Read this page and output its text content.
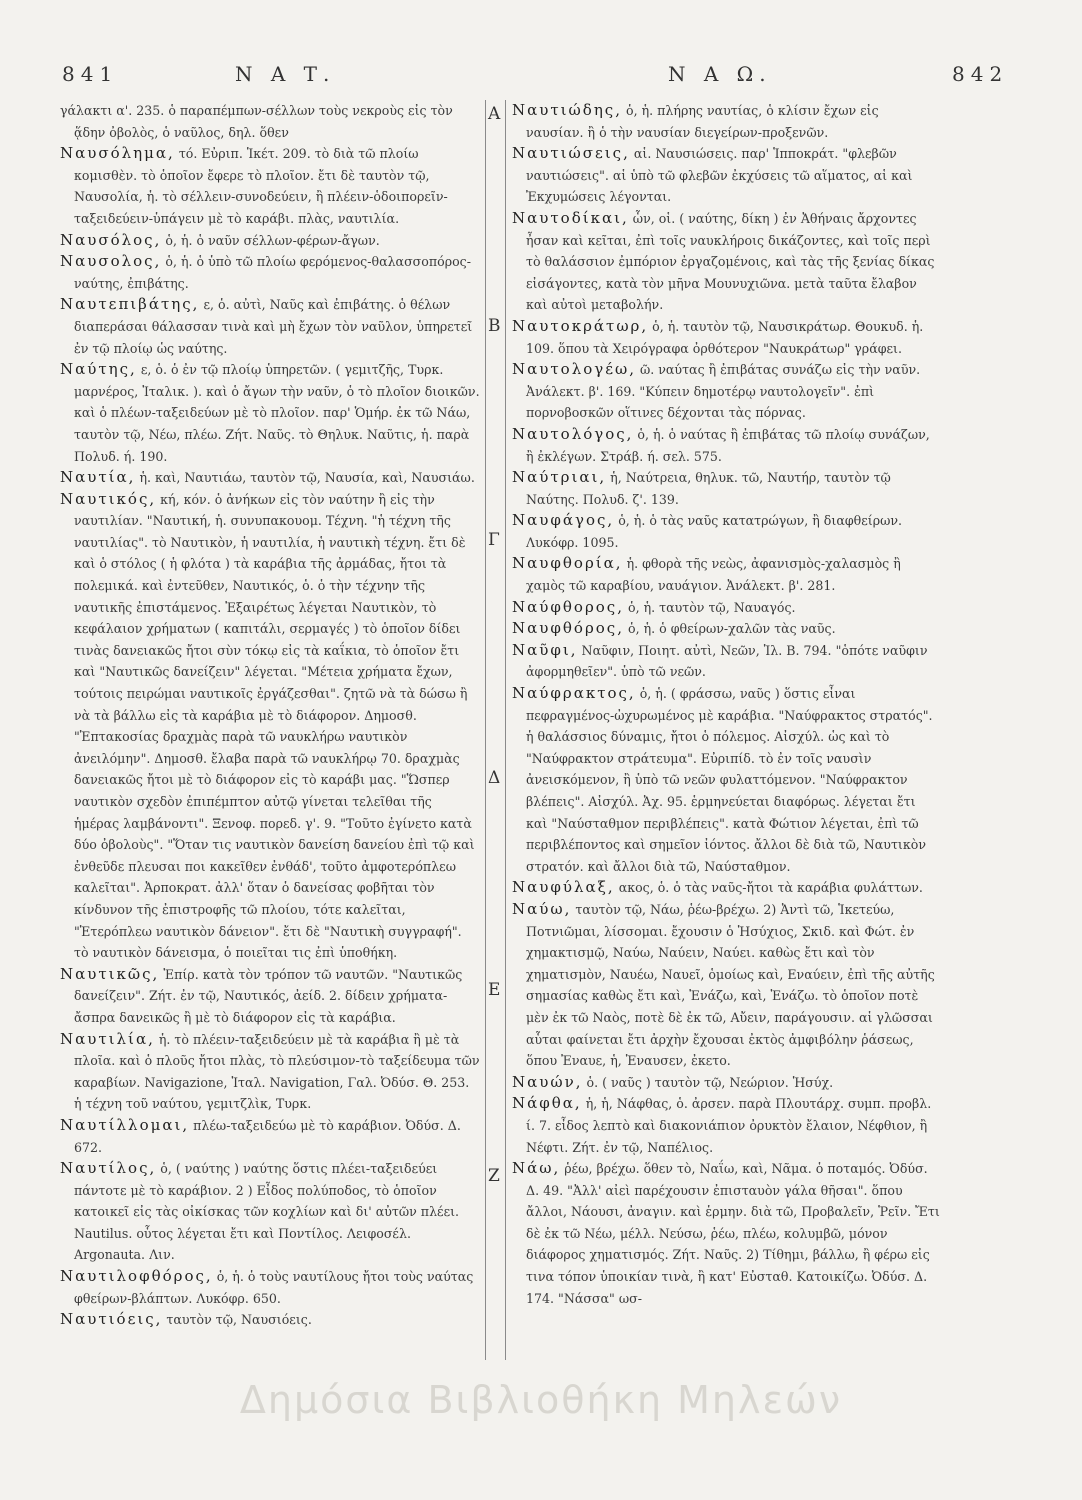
841	Ν Α Τ.	Ν Α Ω.	842
Α
Β
Γ
Δ
Ε
Ζ

γάλακτι α'. 235. ὁ παραπέμπων-σέλλων τοὺς νεκροὺς εἰς τὸν ᾅδην ὀβολὸς, ὁ ναῦλος, δηλ. ὅθεν

Ναυσόλημα, τό. Εὐριπ. Ἱκέτ. 209. τὸ διὰ τῶ πλοίω κομισθὲν. τὸ ὁποῖον ἔφερε τὸ πλοῖον. ἔτι δὲ ταυτὸν τῷ, Ναυσολία, ἡ. τὸ σέλλειν-συνοδεύειν, ἢ πλέειν-ὁδοιπορεῖν-ταξειδεύειν-ὑπάγειν μὲ τὸ καράβι. πλὰς, ναυτιλία.

Ναυσόλος, ὁ, ἡ. ὁ ναῦν σέλλων-φέρων-ἄγων.

Ναυσολος, ὁ, ἡ. ὁ ὑπὸ τῶ πλοίω φερόμενος-θαλασσοπόρος-ναύτης, ἐπιβάτης.

Ναυτεπιβάτης, ε, ὁ. αὐτὶ, Ναῦς καὶ ἐπιβάτης. ὁ θέλων διαπεράσαι θάλασσαν τινὰ καὶ μὴ ἔχων τὸν ναῦλον, ὑπηρετεῖ ἐν τῷ πλοίῳ ὡς ναύτης.

Ναύτης, ε, ὁ. ὁ ἐν τῷ πλοίῳ ὑπηρετῶν. ( γεμιτζῆς, Τυρκ. μαρνέρος, Ἰταλικ. ). καὶ ὁ ἄγων τὴν ναῦν, ὁ τὸ πλοῖον διοικῶν. καὶ ὁ πλέων-ταξειδεύων μὲ τὸ πλοῖον. παρ' Ὁμήρ. ἐκ τῶ Νάω, ταυτὸν τῷ, Νέω, πλέω. Ζήτ. Ναῦς. τὸ Θηλυκ. Ναῦτις, ἡ. παρὰ Πολυδ. ή. 190.

Ναυτία, ἡ. καὶ, Ναυτιάω, ταυτὸν τῷ, Ναυσία, καὶ, Ναυσιάω.

Ναυτικός, κή, κόν. ὁ ἀνήκων εἰς τὸν ναύτην ἢ εἰς τὴν ναυτιλίαν. "Ναυτική, ἡ. συνυπακουομ. Τέχνη. "ἡ τέχνη τῆς ναυτιλίας". τὸ Ναυτικὸν, ἡ ναυτιλία, ἡ ναυτικὴ τέχνη. ἔτι δὲ καὶ ὁ στόλος ( ἡ φλότα ) τὰ καράβια τῆς ἀρμάδας, ἤτοι τὰ πολεμικά. καὶ ἐντεῦθεν, Ναυτικός, ὁ. ὁ τὴν τέχνην τῆς ναυτικῆς ἐπιστάμενος. Ἐξαιρέτως λέγεται Ναυτικὸν, τὸ κεφάλαιον χρήματων ( καπιτάλι, σερμαγές ) τὸ ὁποῖον δίδει τινὰς δανειακῶς ἤτοι σὺν τόκῳ εἰς τὰ καΐκια, τὸ ὁποῖον ἔτι καὶ "Ναυτικῶς δανείζειν" λέγεται. "Μέτεια χρήματα ἔχων, τούτοις πειρώμαι ναυτικοῖς ἐργάζεσθαι". ζητῶ νὰ τὰ δώσω ἢ νὰ τὰ βάλλω εἰς τὰ καράβια μὲ τὸ διάφορον. Δημοσθ. "Ἐπτακοσίας δραχμὰς παρὰ τῶ ναυκλήρω ναυτικὸν ἀνειλόμην". Δημοσθ. ἔλαβα παρὰ τῶ ναυκλήρῳ 70. δραχμὰς δανειακῶς ἤτοι μὲ τὸ διάφορον εἰς τὸ καράβι μας. "Ὥσπερ ναυτικὸν σχεδὸν ἐπιπέμπτον αὐτῷ γίνεται τελεῖθαι τῆς ἡμέρας λαμβάνοντι". Ξενοφ. πορεδ. γ'. 9. "Τοῦτο ἐγίνετο κατὰ δύο ὀβολοὺς". "Ὅταν τις ναυτικὸν δανείση δανείου ἐπὶ τῷ καὶ ἐνθεῦδε πλευσαι ποι κακεῖθεν ἐνθάδ', τοῦτο ἀμφοτερόπλεω καλεῖται". Ἀρποκρατ. ἀλλ' ὅταν ὁ δανείσας φοβῆται τὸν κίνδυνον τῆς ἐπιστροφῆς τῶ πλοίου, τότε καλεῖται, "Ἑτερόπλεω ναυτικὸν δάνειον". ἔτι δὲ "Ναυτικὴ συγγραφή". τὸ ναυτικὸν δάνεισμα, ὁ ποιεῖται τις ἐπὶ ὑποθήκη.

Ναυτικῶς, Ἐπίρ. κατὰ τὸν τρόπον τῶ ναυτῶν. "Ναυτικῶς δανείζειν". Ζήτ. ἐν τῷ, Ναυτικός, ἀείδ. 2. δίδειν χρήματα-ἄσπρα δανεικῶς ἢ μὲ τὸ διάφορον εἰς τὰ καράβια.

Ναυτιλία, ἡ. τὸ πλέειν-ταξειδεύειν μὲ τὰ καράβια ἢ μὲ τὰ πλοῖα. καὶ ὁ πλοῦς ἤτοι πλὰς, τὸ πλεύσιμον-τὸ ταξείδευμα τῶν καραβίων. Navigazione, Ἰταλ. Navigation, Γαλ. Ὀδύσ. Θ. 253. ἡ τέχνη τοῦ ναύτου, γεμιτζλὶκ, Τυρκ.

Ναυτίλλομαι, πλέω-ταξειδεύω μὲ τὸ καράβιον. Ὀδύσ. Δ. 672.

Ναυτίλος, ὁ, ( ναύτης ) ναύτης ὅστις πλέει-ταξειδεύει πάντοτε μὲ τὸ καράβιον. 2 ) Εἶδος πολύποδος, τὸ ὁποῖον κατοικεῖ εἰς τὰς οἰκίσκας τῶν κοχλίων καὶ δι' αὐτῶν πλέει. Nautilus. οὗτος λέγεται ἔτι καὶ Ποντίλος. Λειφοσέλ. Argonauta. Λιν.

Ναυτιλοφθόρος, ὁ, ἡ. ὁ τοὺς ναυτίλους ἤτοι τοὺς ναύτας φθείρων-βλάπτων. Λυκόφρ. 650.

Ναυτιόεις, ταυτὸν τῷ, Ναυσιόεις.

Ναυτιώδης, ὁ, ἡ. πλήρης ναυτίας, ὁ κλίσιν ἔχων εἰς ναυσίαν. ἢ ὁ τὴν ναυσίαν διεγείρων-προξενῶν.

Ναυτιώσεις, αἱ. Ναυσιώσεις. παρ' Ἱπποκράτ. "φλεβῶν ναυτιώσεις". αἱ ὑπὸ τῶ φλεβῶν ἐκχύσεις τῶ αἵματος, αἱ καὶ Ἐκχυμώσεις λέγονται.

Ναυτοδίκαι, ὧν, οἱ. ( ναύτης, δίκη ) ἐν Ἀθήναις ἄρχοντες ἦσαν καὶ κεῖται, ἐπὶ τοῖς ναυκλήροις δικάζοντες, καὶ τοῖς περὶ τὸ θαλάσσιον ἐμπόριον ἐργαζομένοις, καὶ τὰς τῆς ξενίας δίκας εἰσάγοντες, κατὰ τὸν μῆνα Μουνυχιῶνα. μετὰ ταῦτα ἔλαβον καὶ αὐτοὶ μεταβολήν.

Ναυτοκράτωρ, ὁ, ἡ. ταυτὸν τῷ, Ναυσικράτωρ. Θουκυδ. ἡ. 109. ὅπου τὰ Χειρόγραφα ὀρθότερον "Ναυκράτωρ" γράφει.

Ναυτολογέω, ῶ. ναύτας ἢ ἐπιβάτας συνάζω εἰς τὴν ναῦν. Ἀνάλεκτ. β'. 169. "Κύπειν δημοτέρῳ ναυτολογεῖν". ἐπὶ πορνοβοσκῶν οἵτινες δέχονται τὰς πόρνας.

Ναυτολόγος, ὁ, ἡ. ὁ ναύτας ἢ ἐπιβάτας τῶ πλοίῳ συνάζων, ἢ ἐκλέγων. Στράβ. ή. σελ. 575.

Ναύτριαι, ἡ, Ναύτρεια, θηλυκ. τῶ, Ναυτήρ, ταυτὸν τῷ Ναύτης. Πολυδ. ζ'. 139.

Ναυφάγος, ὁ, ἡ. ὁ τὰς ναῦς κατατρώγων, ἢ διαφθείρων. Λυκόφρ. 1095.

Ναυφθορία, ἡ. φθορὰ τῆς νεὼς, ἀφανισμὸς-χαλασμὸς ἢ χαμὸς τῶ καραβίου, ναυάγιον. Ἀνάλεκτ. β'. 281.

Ναύφθορος, ὁ, ἡ. ταυτὸν τῷ, Ναυαγός.

Ναυφθόρος, ὁ, ἡ. ὁ φθείρων-χαλῶν τὰς ναῦς.

Ναῦφι, Ναῦφιν, Ποιητ. αὐτὶ, Νεῶν, Ἰλ. Β. 794. "ὁπότε ναῦφιν ἀφορμηθεῖεν". ὑπὸ τῶ νεῶν.

Ναύφρακτος, ὁ, ἡ. ( φράσσω, ναῦς ) ὅστις εἶναι πεφραγμένος-ὠχυρωμένος μὲ καράβια. "Ναύφρακτος στρατός". ἡ θαλάσσιος δύναμις, ἤτοι ὁ πόλεμος. Αἰσχύλ. ὡς καὶ τὸ "Ναύφρακτον στράτευμα". Εὐριπίδ. τὸ ἐν τοῖς ναυσὶν ἀνεισκόμενον, ἢ ὑπὸ τῶ νεῶν φυλαττόμενον. "Ναύφρακτον βλέπεις". Αἰσχύλ. Ἀχ. 95. ἑρμηνεύεται διαφόρως. λέγεται ἔτι καὶ "Ναύσταθμον περιβλέπεις". κατὰ Φώτιον λέγεται, ἐπὶ τῶ περιβλέποντος καὶ σημεῖον ἰόντος. ἄλλοι δὲ διὰ τῶ, Ναυτικὸν στρατόν. καὶ ἄλλοι διὰ τῶ, Ναύσταθμον.

Ναυφύλαξ, ακος, ὁ. ὁ τὰς ναῦς-ἤτοι τὰ καράβια φυλάττων.

Ναύω, ταυτὸν τῷ, Νάω, ῥέω-βρέχω. 2) Ἀντὶ τῶ, Ἱκετεύω, Ποτνιῶμαι, λίσσομαι. ἔχουσιν ὁ Ἡσύχιος, Σκιδ. καὶ Φώτ. ἐν χημακτισμῷ, Ναύω, Ναύειν, Ναύει. καθὼς ἔτι καὶ τὸν χηματισμὸν, Ναυέω, Ναυεῖ, ὁμοίως καὶ, Εναύειν, ἐπὶ τῆς αὐτῆς σημασίας καθὼς ἔτι καὶ, Ἐνάζω, καὶ, Ἐνάζω. τὸ ὁποῖον ποτὲ μὲν ἐκ τῶ Ναὸς, ποτὲ δὲ ἐκ τῶ, Αὔειν, παράγουσιν. αἱ γλῶσσαι αὗται φαίνεται ἔτι ἀρχὴν ἔχουσαι ἐκτὸς ἀμφιβόλην ῥάσεως, ὅπου Ἐναυε, ἡ, Ἐναυσεν, ἐκετο.

Ναυών, ὁ. ( ναῦς ) ταυτὸν τῷ, Νεώριον. Ἡσύχ.

Νάφθα, ἡ, ἡ, Νάφθας, ὁ. ἀρσεν. παρὰ Πλουτάρχ. συμπ. προβλ. ί. 7. εἶδος λεπτὸ καὶ διακονιάπιον ὀρυκτὸν ἔλαιον, Νέφθιον, ἢ Νέφτι. Ζήτ. ἐν τῷ, Ναπέλιος.

Νάω, ῥέω, βρέχω. ὅθεν τὸ, Ναΐω, καὶ, Νᾶμα. ὁ ποταμός. Ὀδύσ. Δ. 49. "Ἀλλ' αἰεὶ παρέχουσιν ἐπισταυὸν γάλα θῆσαι". ὅπου ἄλλοι, Νάουσι, ἀναγιν. καὶ ἑρμην. διὰ τῶ, Προβαλεῖν, Ῥεῖν. Ἔτι δὲ ἐκ τῶ Νέω, μέλλ. Νεύσω, ῥέω, πλέω, κολυμβῶ, μόνον διάφορος χηματισμός. Ζήτ. Ναῦς. 2) Τίθημι, βάλλω, ἢ φέρω εἰς τινα τόπον ὑποικίαν τινὰ, ἢ κατ' Εὐσταθ. Κατοικίζω. Ὀδύσ. Δ. 174. "Νάσσα" ωσ-

Δημόσια Βιβλιοθήκη Μηλεών
